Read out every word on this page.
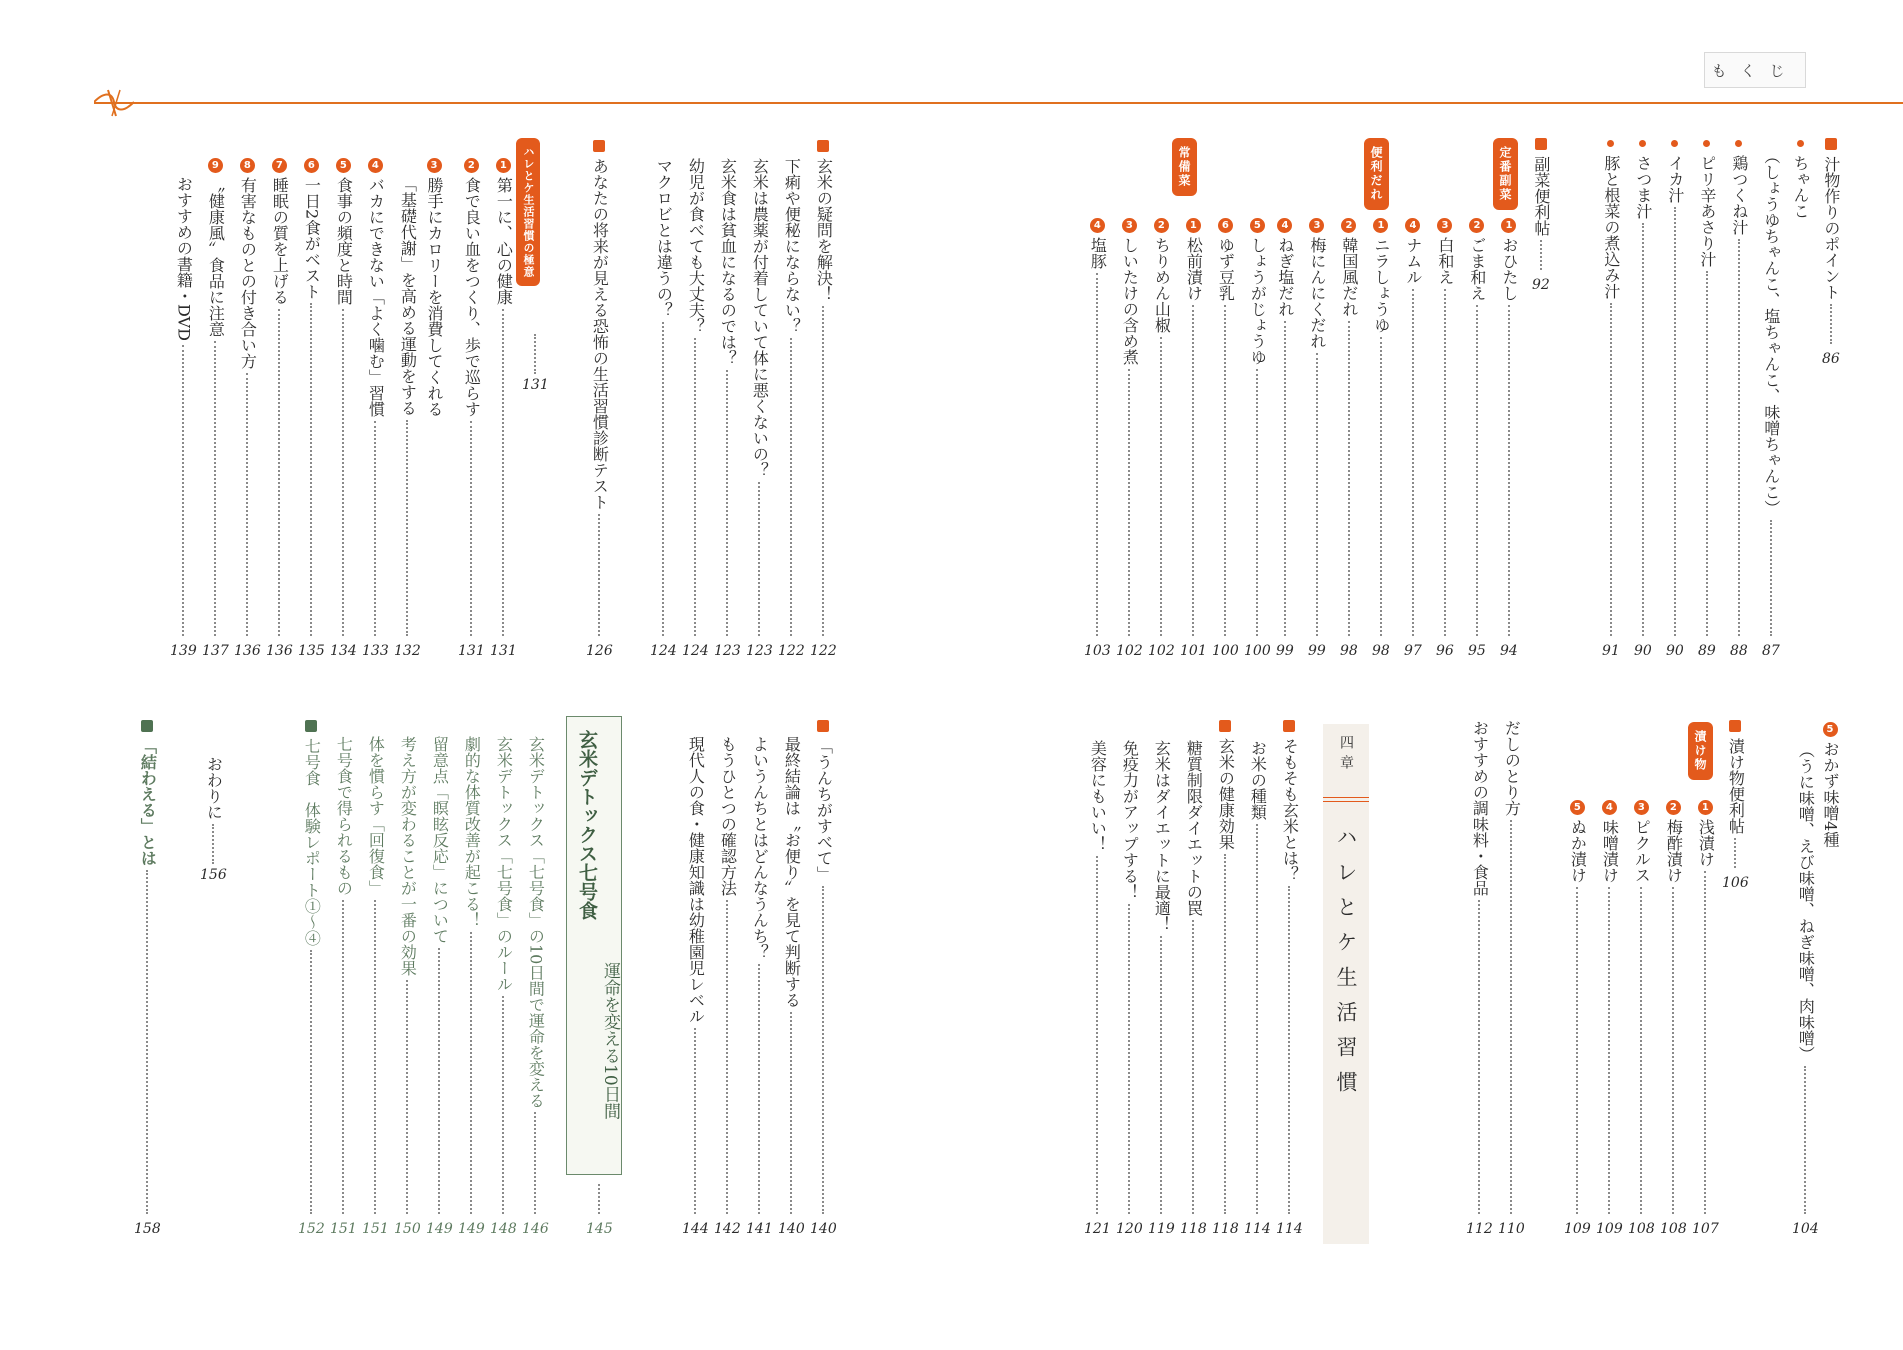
もくじ
汁物作りのポイント
86
ちゃんこ
（しょうゆちゃんこ、塩ちゃんこ、味噌ちゃんこ）
87
鶏つくね汁
88
ピリ辛あさり汁
89
イカ汁
90
さつま汁
90
豚と根菜の煮込み汁
91
副菜便利帖
92
定番副菜
1
おひたし
94
2
ごま和え
95
3
白和え
96
4
ナムル
97
便利だれ
1
ニラしょうゆ
98
2
韓国風だれ
98
3
梅にんにくだれ
99
4
ねぎ塩だれ
99
5
しょうがじょうゆ
100
6
ゆず豆乳
100
常備菜
1
松前漬け
101
2
ちりめん山椒
102
3
しいたけの含め煮
102
4
塩豚
103
5
おかず味噌4種
（うに味噌、えび味噌、ねぎ味噌、肉味噌）
104
漬け物便利帖
106
漬け物
1
浅漬け
107
2
梅酢漬け
108
3
ピクルス
108
4
味噌漬け
109
5
ぬか漬け
109
だしのとり方
110
おすすめの調味料・食品
112
四章
ハレとケ生活習慣
そもそも玄米とは？
114
お米の種類
114
玄米の健康効果
118
糖質制限ダイエットの罠
118
玄米はダイエットに最適！
119
免疫力がアップする！
120
美容にもいい！
121
玄米の疑問を解決！
122
下痢や便秘にならない？
122
玄米は農薬が付着していて体に悪くないの？
123
玄米食は貧血になるのでは？
123
幼児が食べても大丈夫？
124
マクロビとは違うの？
124
あなたの将来が見える恐怖の生活習慣診断テスト
126
ハレとケ生活習慣の極意
131
1
第一に、心の健康
131
2
食で良い血をつくり、歩で巡らす
131
3
勝手にカロリーを消費してくれる
「基礎代謝」を高める運動をする
132
4
バカにできない「よく噛む」習慣
133
5
食事の頻度と時間
134
6
一日2食がベスト
135
7
睡眠の質を上げる
136
8
有害なものとの付き合い方
136
9
〝健康風〟食品に注意
137
おすすめの書籍・DVD
139
「うんちがすべて」
140
最終結論は〝お便り〟を見て判断する
140
よいうんちとはどんなうんち？
141
もうひとつの確認方法
142
現代人の食・健康知識は幼稚園児レベル
144
玄米デトックス七号食
運命を変える10日間
145
玄米デトックス「七号食」の10日間で運命を変える
146
玄米デトックス「七号食」のルール
148
劇的な体質改善が起こる！
149
留意点「瞑眩反応」について
149
考え方が変わることが一番の効果
150
体を慣らす「回復食」
151
七号食で得られるもの
151
七号食　体験レポート①〜④
152
おわりに
156
「結わえる」とは
158
